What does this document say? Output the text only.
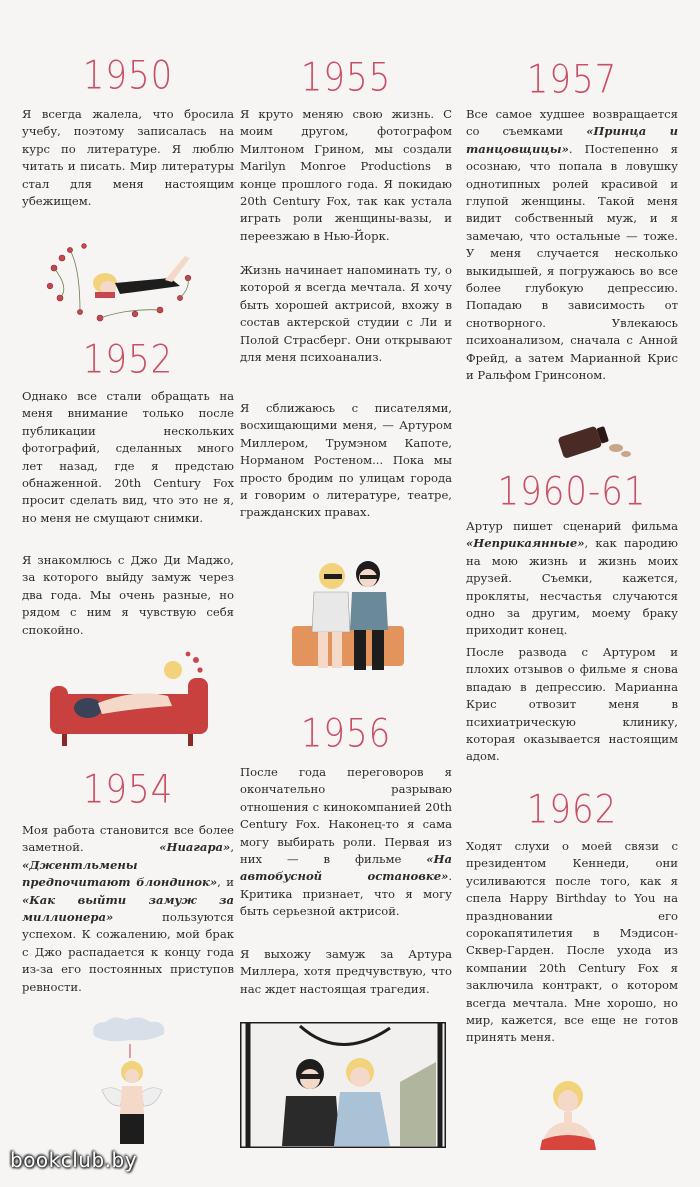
1950

Я всегда жалела, что бросила учебу, поэтому записалась на курс по литературе. Я люблю читать и писать. Мир литературы стал для меня настоящим убежищем.

1952

Однако все стали обращать на меня внимание только после публикации нескольких фотографий, сделанных много лет назад, где я предстаю обнаженной. 20th Century Fox просит сделать вид, что это не я, но меня не смущают снимки.

Я знакомлюсь с Джо Ди Маджо, за которого выйду замуж через два года. Мы очень разные, но рядом с ним я чувствую себя спокойно.

1954

Моя работа становится все более заметной. «Ниагара», «Джентльмены предпочитают блондинок», и «Как выйти замуж за миллионера» пользуются успехом. К сожалению, мой брак с Джо распадается к концу года из-за его постоянных приступов ревности.

1955

Я круто меняю свою жизнь. С моим другом, фотографом Милтоном Грином, мы создали Marilyn Monroe Productions в конце прошлого года. Я покидаю 20th Century Fox, так как устала играть роли женщины-вазы, и переезжаю в Нью-Йорк.

Жизнь начинает напоминать ту, о которой я всегда мечтала. Я хочу быть хорошей актрисой, вхожу в состав актерской студии с Ли и Полой Страсберг. Они открывают для меня психоанализ.

Я сближаюсь с писателями, восхищающими меня, — Артуром Миллером, Трумэном Капоте, Норманом Ростеном... Пока мы просто бродим по улицам города и говорим о литературе, театре, гражданских правах.

1956

После года переговоров я окончательно разрываю отношения с кинокомпанией 20th Century Fox. Наконец-то я сама могу выбирать роли. Первая из них — в фильме «На автобусной остановке». Критика признает, что я могу быть серьезной актрисой.

Я выхожу замуж за Артура Миллера, хотя предчувствую, что нас ждет настоящая трагедия.

1957

Все самое худшее возвращается со съемками «Принца и танцовщицы». Постепенно я осознаю, что попала в ловушку однотипных ролей красивой и глупой женщины. Такой меня видит собственный муж, и я замечаю, что остальные — тоже. У меня случается несколько выкидышей, я погружаюсь во все более глубокую депрессию. Попадаю в зависимость от снотворного. Увлекаюсь психоанализом, сначала с Анной Фрейд, а затем Марианной Крис и Ральфом Гринсоном.

1960-61

Артур пишет сценарий фильма «Неприкаянные», как пародию на мою жизнь и жизнь моих друзей. Съемки, кажется, прокляты, несчастья случаются одно за другим, моему браку приходит конец.

После развода с Артуром и плохих отзывов о фильме я снова впадаю в депрессию. Марианна Крис отвозит меня в психиатрическую клинику, которая оказывается настоящим адом.

1962

Ходят слухи о моей связи с президентом Кеннеди, они усиливаются после того, как я спела Happy Birthday to You на праздновании его сорокапятилетия в Мэдисон-Сквер-Гарден. После ухода из компании 20th Century Fox я заключила контракт, о котором всегда мечтала. Мне хорошо, но мир, кажется, все еще не готов принять меня.

bookclub.by
